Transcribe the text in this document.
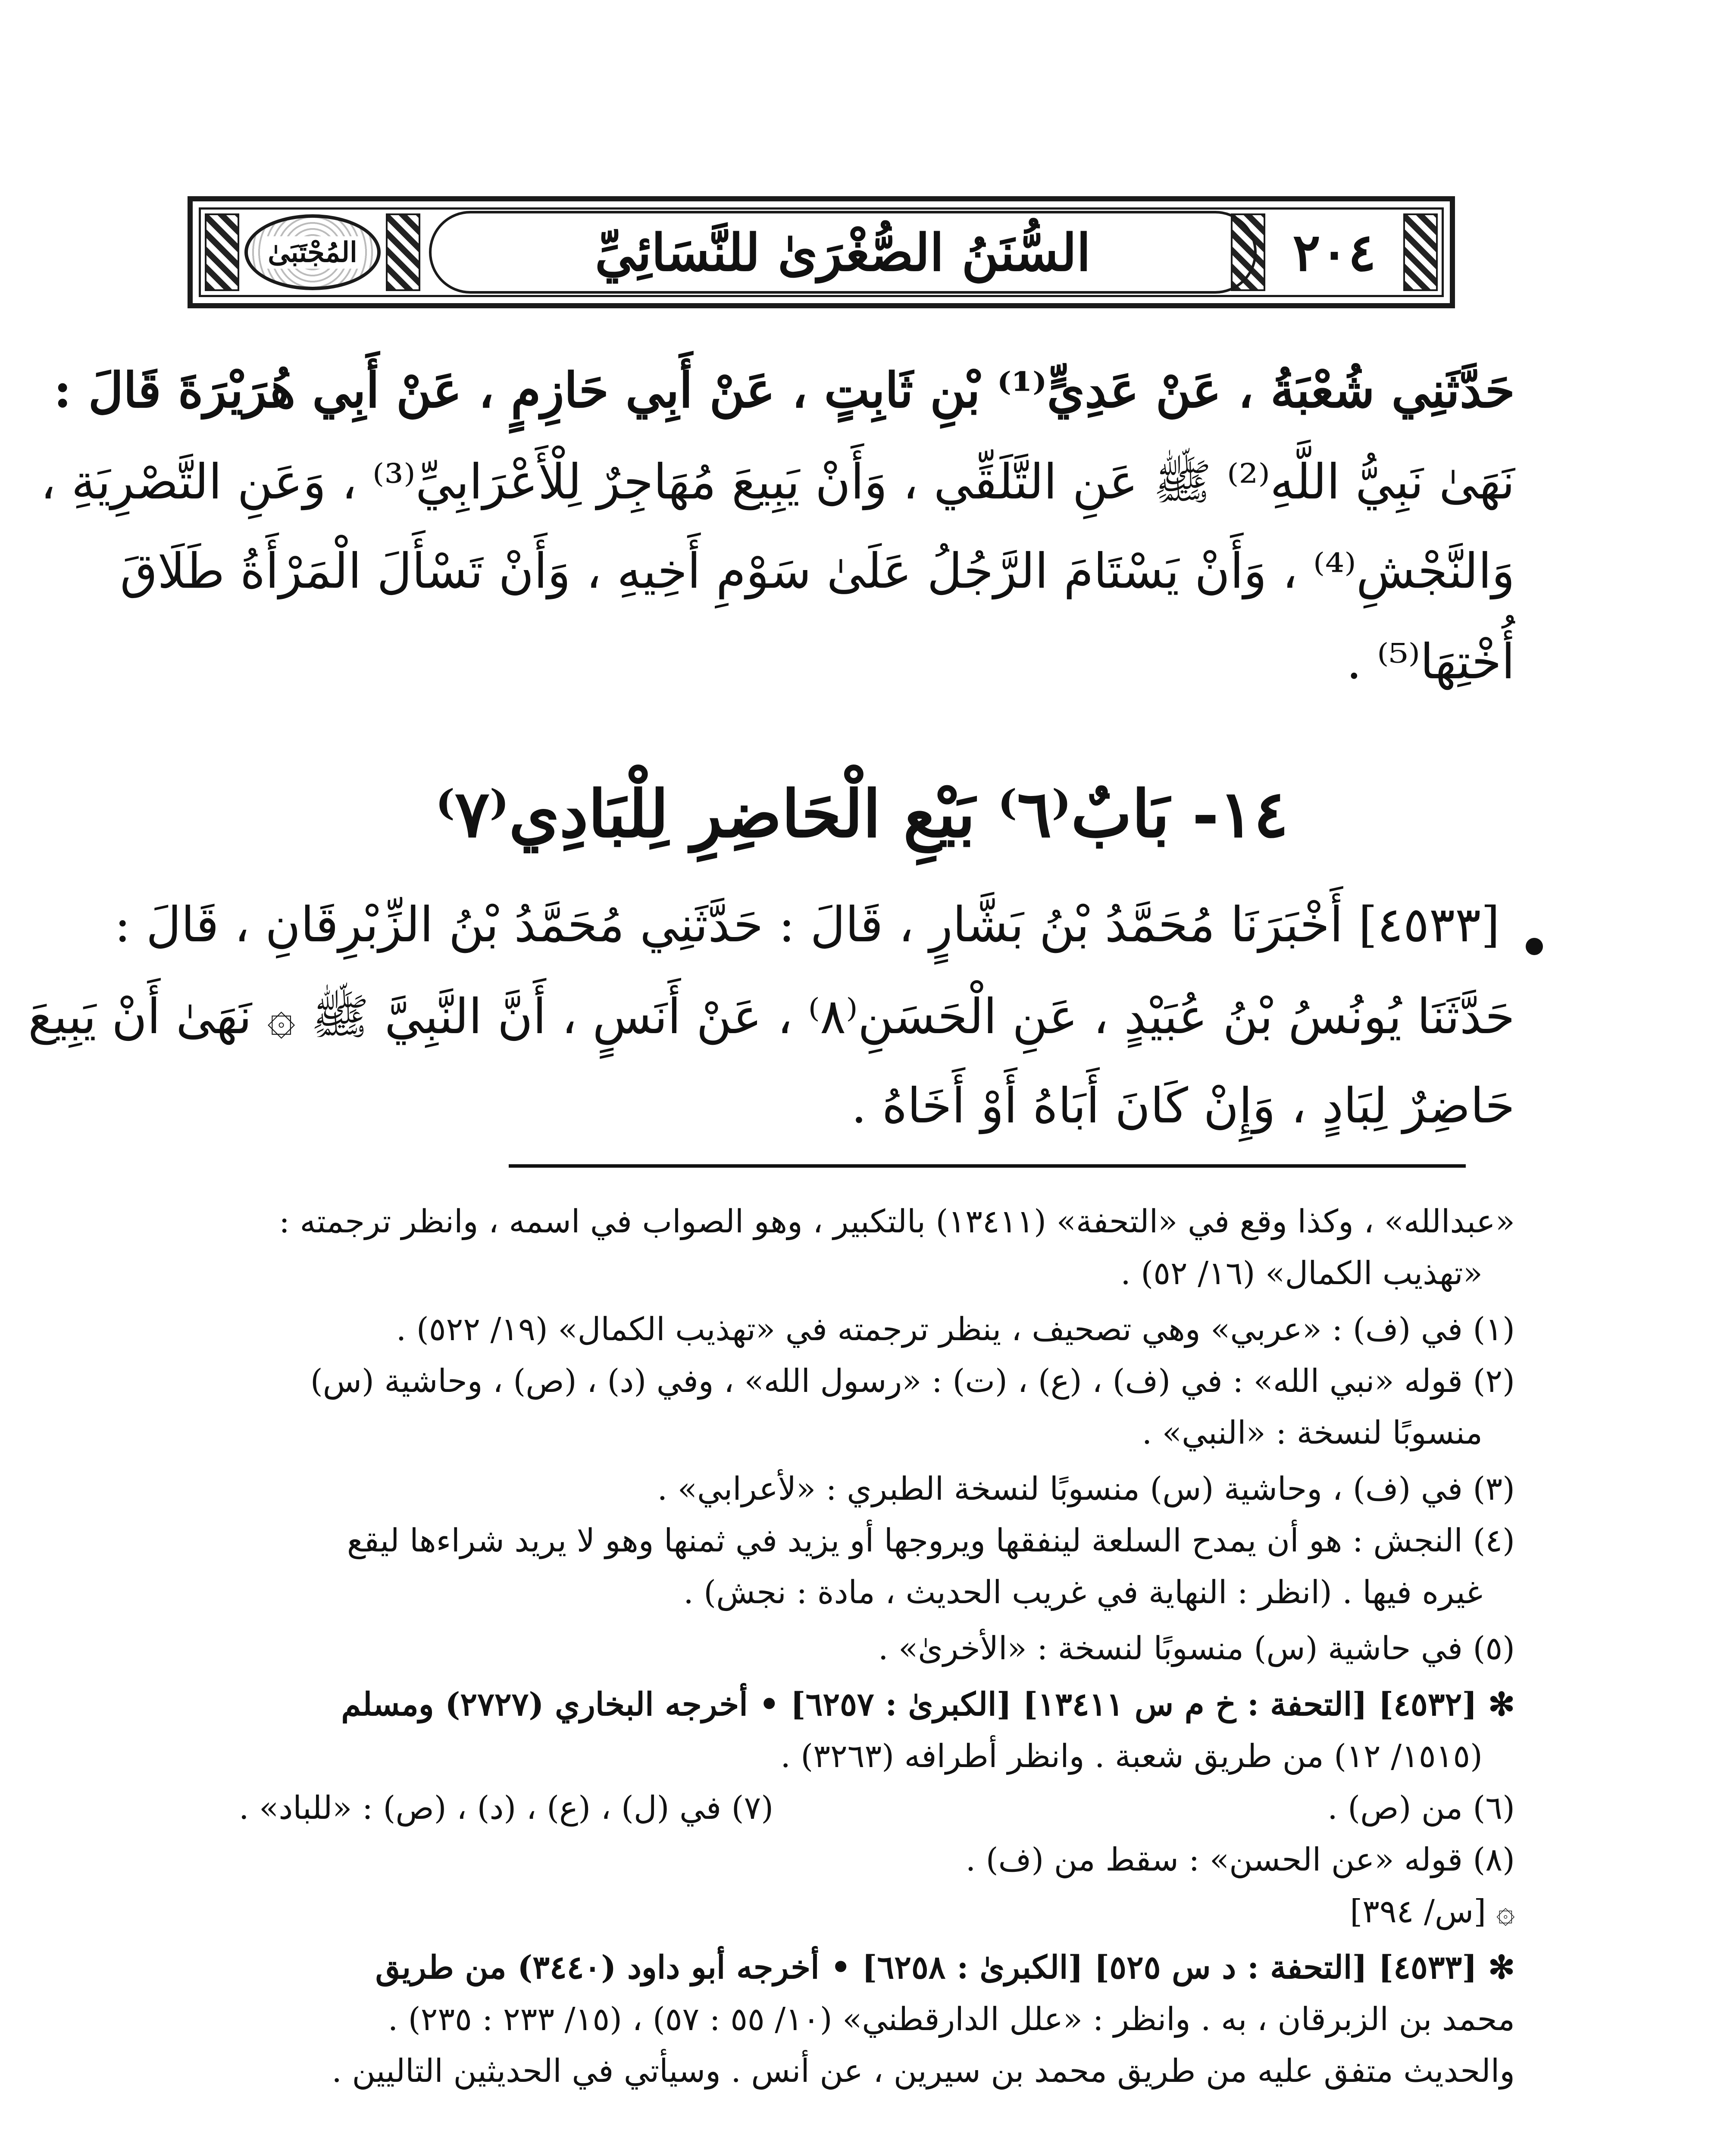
٢٠٤
السُّنَنُ الصُّغْرَىٰ للنَّسَائِيِّ
المُجْتَبَىٰ
حَدَّثَنِي شُعْبَةُ ، عَنْ عَدِيٍّ⁽¹⁾ بْنِ ثَابِتٍ ، عَنْ أَبِي حَازِمٍ ، عَنْ أَبِي هُرَيْرَةَ قَالَ :
نَهَىٰ نَبِيُّ اللَّهِ⁽²⁾ ﷺ عَنِ التَّلَقِّي ، وَأَنْ يَبِيعَ مُهَاجِرٌ لِلْأَعْرَابِيِّ⁽³⁾ ، وَعَنِ التَّصْرِيَةِ ،
وَالنَّجْشِ⁽⁴⁾ ، وَأَنْ يَسْتَامَ الرَّجُلُ عَلَىٰ سَوْمِ أَخِيهِ ، وَأَنْ تَسْأَلَ الْمَرْأَةُ طَلَاقَ
أُخْتِهَا⁽⁵⁾ .
١٤- بَابٌ⁽٦⁾ بَيْعِ الْحَاضِرِ لِلْبَادِي⁽٧⁾
[٤٥٣٣] أَخْبَرَنَا مُحَمَّدُ بْنُ بَشَّارٍ ، قَالَ : حَدَّثَنِي مُحَمَّدُ بْنُ الزِّبْرِقَانِ ، قَالَ :
حَدَّثَنَا يُونُسُ بْنُ عُبَيْدٍ ، عَنِ الْحَسَنِ⁽٨⁾ ، عَنْ أَنَسٍ ، أَنَّ النَّبِيَّ ﷺ ۞ نَهَىٰ أَنْ يَبِيعَ
حَاضِرٌ لِبَادٍ ، وَإِنْ كَانَ أَبَاهُ أَوْ أَخَاهُ .
«عبدالله» ، وكذا وقع في «التحفة» (١٣٤١١) بالتكبير ، وهو الصواب في اسمه ، وانظر ترجمته :
«تهذيب الكمال» (١٦/ ٥٢) .
(١) في (ف) : «عربي» وهي تصحيف ، ينظر ترجمته في «تهذيب الكمال» (١٩/ ٥٢٢) .
(٢) قوله «نبي الله» : في (ف) ، (ع) ، (ت) : «رسول الله» ، وفي (د) ، (ص) ، وحاشية (س)
منسوبًا لنسخة : «النبي» .
(٣) في (ف) ، وحاشية (س) منسوبًا لنسخة الطبري : «لأعرابي» .
(٤) النجش : هو أن يمدح السلعة لينفقها ويروجها أو يزيد في ثمنها وهو لا يريد شراءها ليقع
غيره فيها . (انظر : النهاية في غريب الحديث ، مادة : نجش) .
(٥) في حاشية (س) منسوبًا لنسخة : «الأخرىٰ» .
✻ [٤٥٣٢] [التحفة : خ م س ١٣٤١١] [الكبرىٰ : ٦٢٥٧] • أخرجه البخاري (٢٧٢٧) ومسلم
(١٥١٥/ ١٢) من طريق شعبة . وانظر أطرافه (٣٢٦٣) .
(٦) من (ص) .
(٧) في (ل) ، (ع) ، (د) ، (ص) : «للباد» .
(٨) قوله «عن الحسن» : سقط من (ف) .
۞ [س/ ٣٩٤]
✻ [٤٥٣٣] [التحفة : د س ٥٢٥] [الكبرىٰ : ٦٢٥٨] • أخرجه أبو داود (٣٤٤٠) من طريق
محمد بن الزبرقان ، به . وانظر : «علل الدارقطني» (١٠/ ٥٥ : ٥٧) ، (١٥/ ٢٣٣ : ٢٣٥) .
والحديث متفق عليه من طريق محمد بن سيرين ، عن أنس . وسيأتي في الحديثين التاليين .
